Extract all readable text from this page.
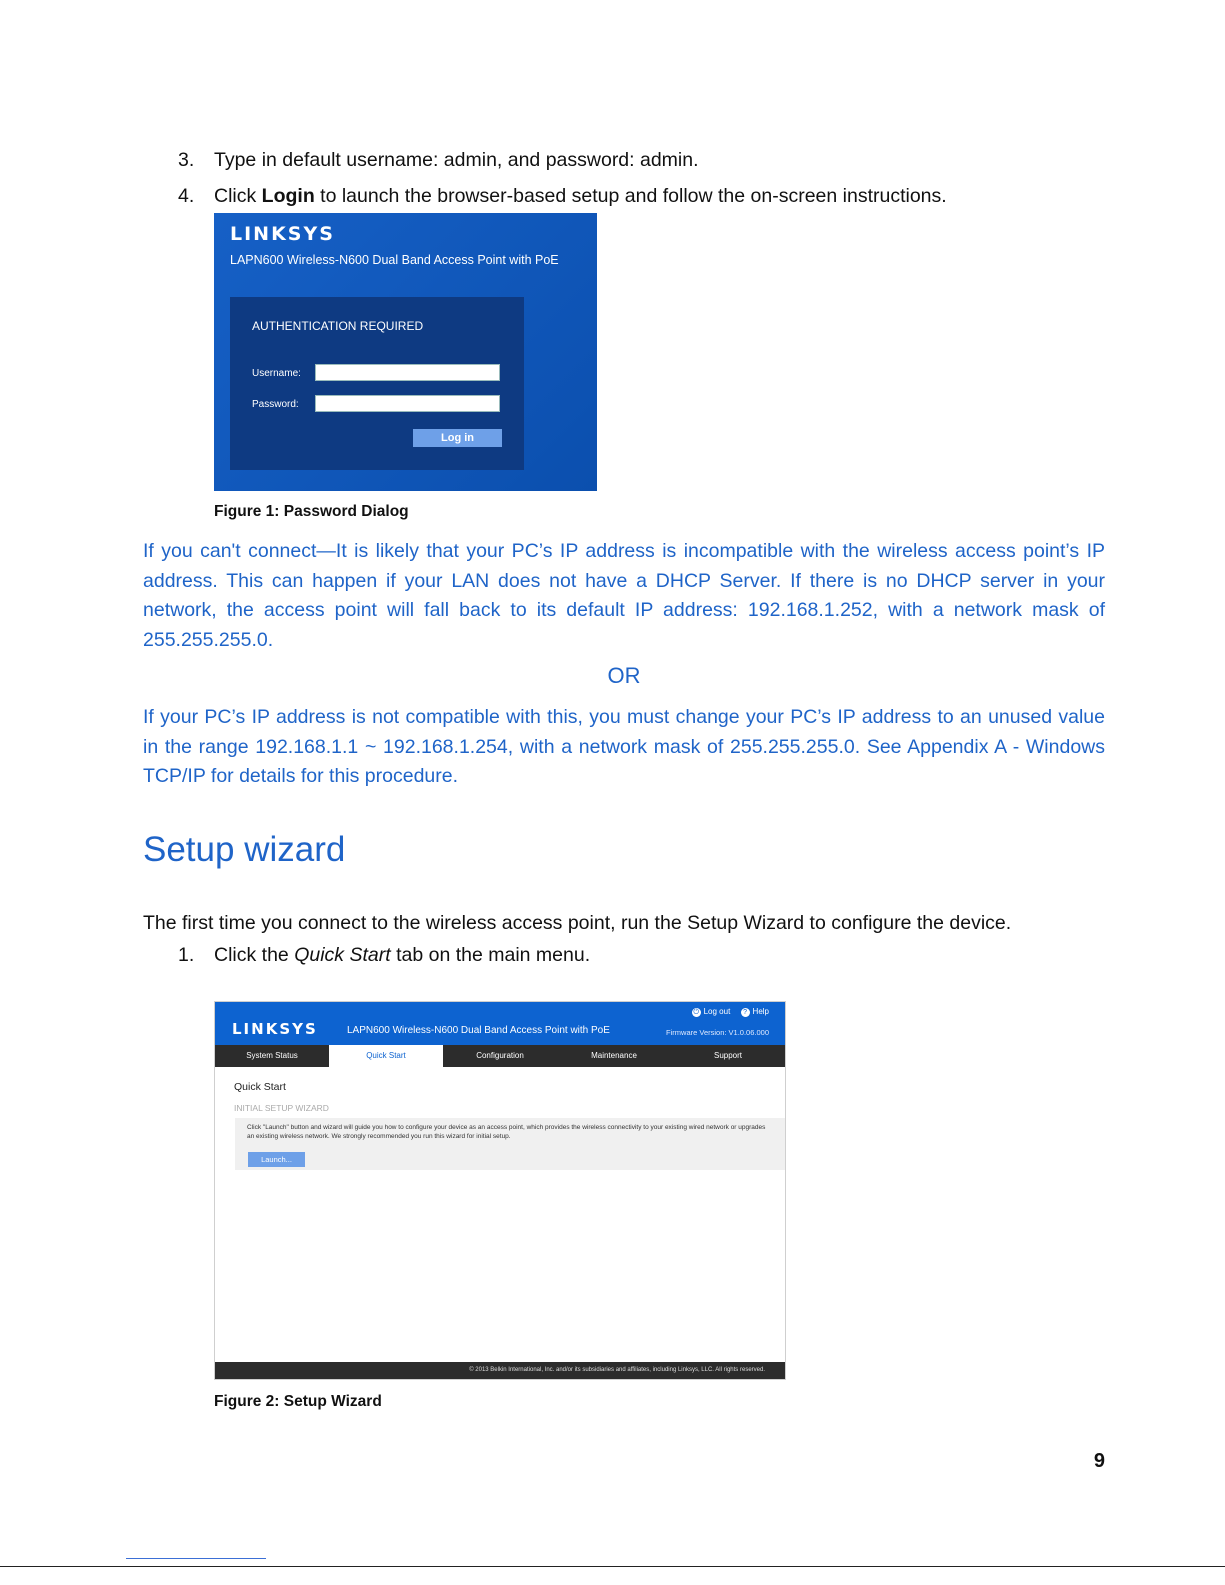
3. Type in default username: admin, and password: admin.
4. Click Login to launch the browser-based setup and follow the on-screen instructions.
LINKSYS
LAPN600 Wireless-N600 Dual Band Access Point with PoE
AUTHENTICATION REQUIRED
Username:
Password:
Log in
Figure 1: Password Dialog
If you can't connect—It is likely that your PC’s IP address is incompatible with the wireless access point’s IP address. This can happen if your LAN does not have a DHCP Server. If there is no DHCP server in your network, the access point will fall back to its default IP address: 192.168.1.252, with a network mask of 255.255.255.0.
OR
If your PC’s IP address is not compatible with this, you must change your PC’s IP address to an unused value in the range 192.168.1.1 ~ 192.168.1.254, with a network mask of 255.255.255.0. See Appendix A - Windows TCP/IP for details for this procedure.
Setup wizard
The first time you connect to the wireless access point, run the Setup Wizard to configure the device.
1. Click the Quick Start tab on the main menu.
LINKSYS	LAPN600 Wireless-N600 Dual Band Access Point with PoE
⏻ Log out ? Help
Firmware Version: V1.0.06.000
System Status	Quick Start	Configuration	Maintenance	Support
Quick Start
INITIAL SETUP WIZARD
Click "Launch" button and wizard will guide you how to configure your device as an access point, which provides the wireless connectivity to your existing wired network or upgrades an existing wireless network. We strongly recommended you run this wizard for initial setup.
Launch...
© 2013 Belkin International, Inc. and/or its subsidiaries and affiliates, including Linksys, LLC. All rights reserved.
Figure 2: Setup Wizard
9
